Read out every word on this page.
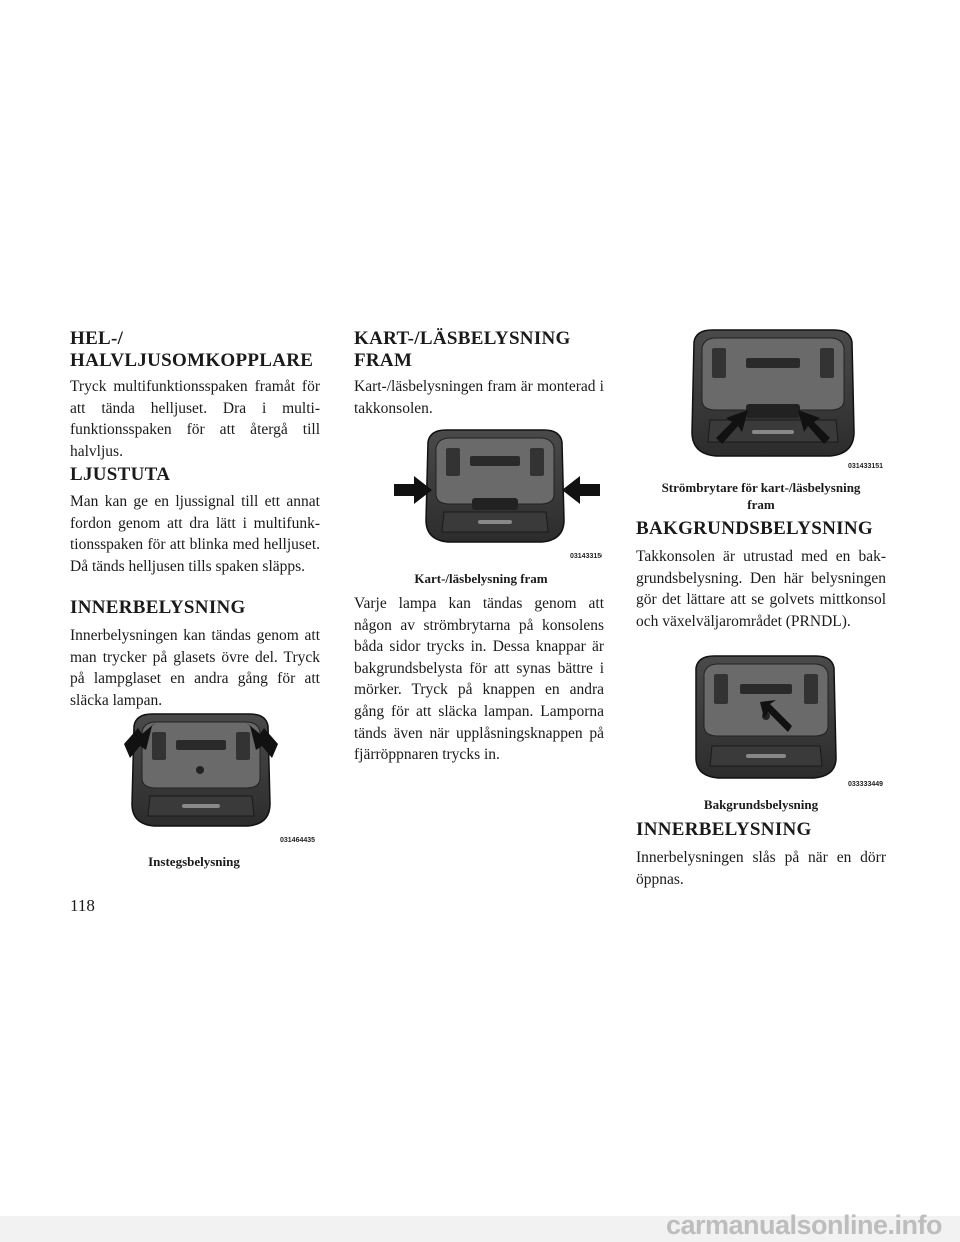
HEL-/
HALVLJUSOMKOPPLARE

Tryck multifunktionsspaken framåt för att tända helljuset. Dra i multifunktionsspaken för att återgå till halvljus.

LJUSTUTA

Man kan ge en ljussignal till ett annat fordon genom att dra lätt i multifunktionsspaken för att blinka med helljuset. Då tänds helljusen tills spaken släpps.

INNERBELYSNING

Innerbelysningen kan tändas genom att man trycker på glasets övre del. Tryck på lampglaset en andra gång för att släcka lampan.

031464435

Instegsbelysning

KART-/LÄSBELYSNING
FRAM

Kart-/läsbelysningen fram är monterad i takkonsolen.

031433150

Kart-/läsbelysning fram

Varje lampa kan tändas genom att någon av strömbrytarna på konsolens båda sidor trycks in. Dessa knappar är bakgrundsbelysta för att synas bättre i mörker. Tryck på knappen en andra gång för att släcka lampan. Lamporna tänds även när upplåsningsknappen på fjärröppnaren trycks in.

031433151

Strömbrytare för kart-/läsbelysning

fram

BAKGRUNDSBELYSNING

Takkonsolen är utrustad med en bakgrundsbelysning. Den här belysningen gör det lättare att se golvets mittkonsol och växelväljarområdet (PRNDL).

033333449

Bakgrundsbelysning

INNERBELYSNING

Innerbelysningen slås på när en dörr öppnas.

118
carmanualsonline.info
